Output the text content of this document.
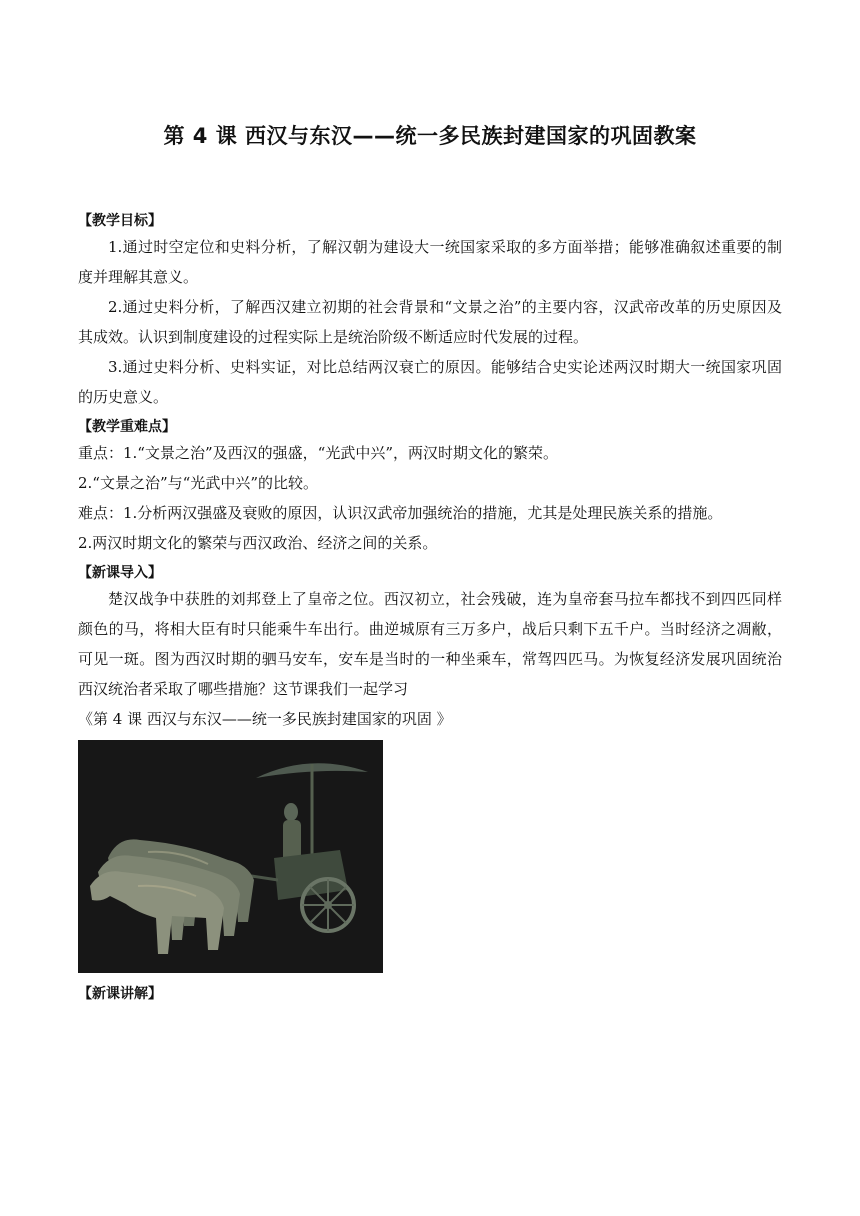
第 4 课 西汉与东汉——统一多民族封建国家的巩固教案

【教学目标】

1.通过时空定位和史料分析，了解汉朝为建设大一统国家采取的多方面举措；能够准确叙述重要的制度并理解其意义。

2.通过史料分析，了解西汉建立初期的社会背景和“文景之治”的主要内容，汉武帝改革的历史原因及其成效。认识到制度建设的过程实际上是统治阶级不断适应时代发展的过程。

3.通过史料分析、史料实证，对比总结两汉衰亡的原因。能够结合史实论述两汉时期大一统国家巩固的历史意义。

【教学重难点】

重点：1.“文景之治”及西汉的强盛，“光武中兴”，两汉时期文化的繁荣。

2.“文景之治”与“光武中兴”的比较。

难点：1.分析两汉强盛及衰败的原因，认识汉武帝加强统治的措施，尤其是处理民族关系的措施。

2.两汉时期文化的繁荣与西汉政治、经济之间的关系。

【新课导入】

楚汉战争中获胜的刘邦登上了皇帝之位。西汉初立，社会残破，连为皇帝套马拉车都找不到四匹同样颜色的马，将相大臣有时只能乘牛车出行。曲逆城原有三万多户，战后只剩下五千户。当时经济之凋敝，可见一斑。图为西汉时期的驷马安车，安车是当时的一种坐乘车，常驾四匹马。为恢复经济发展巩固统治西汉统治者采取了哪些措施？这节课我们一起学习

《第 4 课 西汉与东汉——统一多民族封建国家的巩固 》

【新课讲解】
